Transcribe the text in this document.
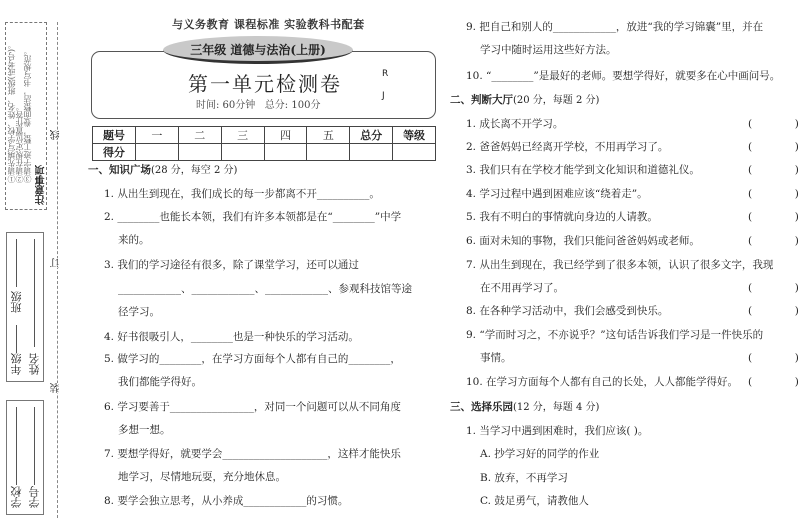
注意事项
①请先填写学校、姓名、班级(或考号)。 ②请在规定位置作答。 ③请字迹工整，卷面整洁，书写规范。
年级
班级
姓名
学校 学号
线
订
装
与义务教育 课程标准 实验教科书配套
三年级 道德与法治(上册)
第一单元检测卷
时间: 60分钟   总分: 100分
R
J
题号	一	二	三	四	五	总分	等级
得分							
一、知识广场(28 分，每空 2 分)
1. 从出生到现在，我们成长的每一步都离不开__________。
2. ________也能长本领，我们有许多本领都是在“________”中学
来的。
3. 我们的学习途径有很多，除了课堂学习，还可以通过
____________、____________、____________、参观科技馆等途
径学习。
4. 好书很吸引人，________也是一种快乐的学习活动。
5. 做学习的________，在学习方面每个人都有自己的________，
我们都能学得好。
6. 学习要善于________________，对同一个问题可以从不同角度
多想一想。
7. 要想学得好，就要学会____________________，这样才能快乐
地学习，尽情地玩耍，充分地休息。
8. 要学会独立思考，从小养成____________的习惯。
9. 把自己和别人的____________，放进“我的学习锦囊”里，并在
学习中随时运用这些好方法。
10. “________”是最好的老师。要想学得好，就要多在心中画问号。
二、判断大厅(20 分，每题 2 分)
1. 成长离不开学习。	(  )
2. 爸爸妈妈已经离开学校，不用再学习了。	(  )
3. 我们只有在学校才能学到文化知识和道德礼仪。	(  )
4. 学习过程中遇到困难应该“绕着走”。	(  )
5. 我有不明白的事情就向身边的人请教。	(  )
6. 面对未知的事物，我们只能问爸爸妈妈或老师。	(  )
7. 从出生到现在，我已经学到了很多本领，认识了很多文字，我现
在不用再学习了。	(  )
8. 在各种学习活动中，我们会感受到快乐。	(  )
9. “学而时习之，不亦说乎？”这句话告诉我们学习是一件快乐的
事情。	(  )
10. 在学习方面每个人都有自己的长处，人人都能学得好。 (  )
三、选择乐园(12 分，每题 4 分)
1. 当学习中遇到困难时，我们应该( )。
A. 抄学习好的同学的作业
B. 放弃，不再学习
C. 鼓足勇气，请教他人
